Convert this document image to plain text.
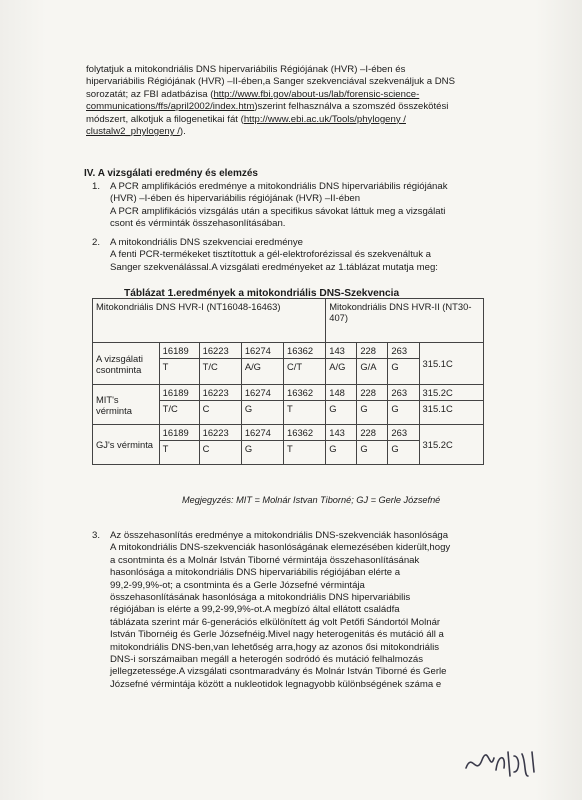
folytatjuk a mitokondriális DNS hipervariábilis Régiójának (HVR) –I-ében és
hipervariábilis Régiójának (HVR) –II-ében,a Sanger szekvenciával szekvenáljuk a DNS
sorozatát; az FBI adatbázisa (http://www.fbi.gov/about-us/lab/forensic-science-
communications/ffs/april2002/index.htm)szerint felhasználva a szomszéd összekötési
módszert, alkotjuk a filogenetikai fát (http://www.ebi.ac.uk/Tools/phylogeny /
clustalw2_phylogeny /).
IV. A vizsgálati eredmény és elemzés
1. A PCR amplifikációs eredménye a mitokondriális DNS hipervariábilis régiójának
(HVR) –I-ében és hipervariábilis régiójának (HVR) –II-ében
A PCR amplifikációs vizsgálás után a specifikus sávokat láttuk meg a vizsgálati
csont és vérminták összehasonlításában.
2. A mitokondriális DNS szekvenciai eredménye
A fenti PCR-termékeket tisztítottuk a gél-elektroforézissal és szekvenáltuk a
Sanger szekvenálással.A vizsgálati eredményeket az 1.táblázat mutatja meg:
Táblázat 1.eredmények a mitokondriális DNS-Szekvencia
Mitokondriális DNS HVR-I (NT16048-16463)					Mitokondriális DNS HVR-II (NT30-407)			
A vizsgálati csontminta	16189	16223	16274	16362	143	228	263	315.1C
	T	T/C	A/G	C/T	A/G	G/A	G	
MIT's vérminta	16189	16223	16274	16362	148	228	263	315.2C
	T/C	C	G	T	G	G	G	315.1C
GJ's vérminta	16189	16223	16274	16362	143	228	263	315.2C
	T	C	G	T	G	G	G	
Megjegyzés: MIT = Molnár Istvan Tiborné; GJ = Gerle Józsefné
3. Az összehasonlítás eredménye a mitokondriális DNS-szekvenciák hasonlósága
A mitokondriális DNS-szekvenciák hasonlóságának elemezésében kiderült,hogy
a csontminta és a Molnár István Tiborné vérmintája összehasonlításának
hasonlósága a mitokondriális DNS hipervariábilis régiójában elérte a
99,2-99,9%-ot; a csontminta és a Gerle Józsefné vérmintája
összehasonlításának hasonlósága a mitokondriális DNS hipervariábilis
régiójában is elérte a 99,2-99,9%-ot.A megbízó által ellátott családfa
táblázata szerint már 6-generációs elkülönített ág volt Petőfi Sándortól Molnár
István Tibornéig és Gerle Józsefnéig.Mivel nagy heterogenitás és mutáció áll a
mitokondriális DNS-ben,van lehetőség arra,hogy az azonos ősi mitokondriális
DNS-i sorszámaiban megáll a heterogén sodródó és mutáció felhalmozás
jellegzetessége.A vizsgálati csontmaradvány és Molnár István Tiborné és Gerle
Józsefné vérmintája között a nukleotidok legnagyobb különbségének száma e
